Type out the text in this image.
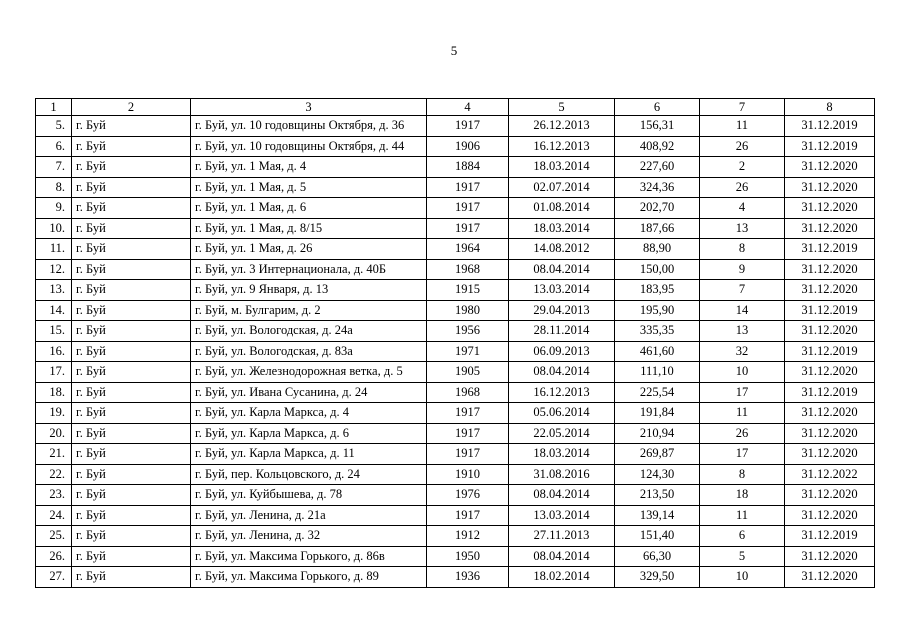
5
1	2	3	4	5	6	7	8
5.	г. Буй	г. Буй, ул. 10 годовщины Октября, д. 36	1917	26.12.2013	156,31	11	31.12.2019
6.	г. Буй	г. Буй, ул. 10 годовщины Октября, д. 44	1906	16.12.2013	408,92	26	31.12.2019
7.	г. Буй	г. Буй, ул. 1 Мая, д. 4	1884	18.03.2014	227,60	2	31.12.2020
8.	г. Буй	г. Буй, ул. 1 Мая, д. 5	1917	02.07.2014	324,36	26	31.12.2020
9.	г. Буй	г. Буй, ул. 1 Мая, д. 6	1917	01.08.2014	202,70	4	31.12.2020
10.	г. Буй	г. Буй, ул. 1 Мая, д. 8/15	1917	18.03.2014	187,66	13	31.12.2020
11.	г. Буй	г. Буй, ул. 1 Мая, д. 26	1964	14.08.2012	88,90	8	31.12.2019
12.	г. Буй	г. Буй, ул. 3 Интернационала, д. 40Б	1968	08.04.2014	150,00	9	31.12.2020
13.	г. Буй	г. Буй, ул. 9 Января, д. 13	1915	13.03.2014	183,95	7	31.12.2020
14.	г. Буй	г. Буй, м. Булгарим, д. 2	1980	29.04.2013	195,90	14	31.12.2019
15.	г. Буй	г. Буй, ул. Вологодская, д. 24а	1956	28.11.2014	335,35	13	31.12.2020
16.	г. Буй	г. Буй, ул. Вологодская, д. 83а	1971	06.09.2013	461,60	32	31.12.2019
17.	г. Буй	г. Буй, ул. Железнодорожная ветка, д. 5	1905	08.04.2014	111,10	10	31.12.2020
18.	г. Буй	г. Буй, ул. Ивана Сусанина, д. 24	1968	16.12.2013	225,54	17	31.12.2019
19.	г. Буй	г. Буй, ул. Карла Маркса, д. 4	1917	05.06.2014	191,84	11	31.12.2020
20.	г. Буй	г. Буй, ул. Карла Маркса, д. 6	1917	22.05.2014	210,94	26	31.12.2020
21.	г. Буй	г. Буй, ул. Карла Маркса, д. 11	1917	18.03.2014	269,87	17	31.12.2020
22.	г. Буй	г. Буй, пер. Кольцовского, д. 24	1910	31.08.2016	124,30	8	31.12.2022
23.	г. Буй	г. Буй, ул. Куйбышева, д. 78	1976	08.04.2014	213,50	18	31.12.2020
24.	г. Буй	г. Буй, ул. Ленина, д. 21а	1917	13.03.2014	139,14	11	31.12.2020
25.	г. Буй	г. Буй, ул. Ленина, д. 32	1912	27.11.2013	151,40	6	31.12.2019
26.	г. Буй	г. Буй, ул. Максима Горького, д. 86в	1950	08.04.2014	66,30	5	31.12.2020
27.	г. Буй	г. Буй, ул. Максима Горького, д. 89	1936	18.02.2014	329,50	10	31.12.2020
